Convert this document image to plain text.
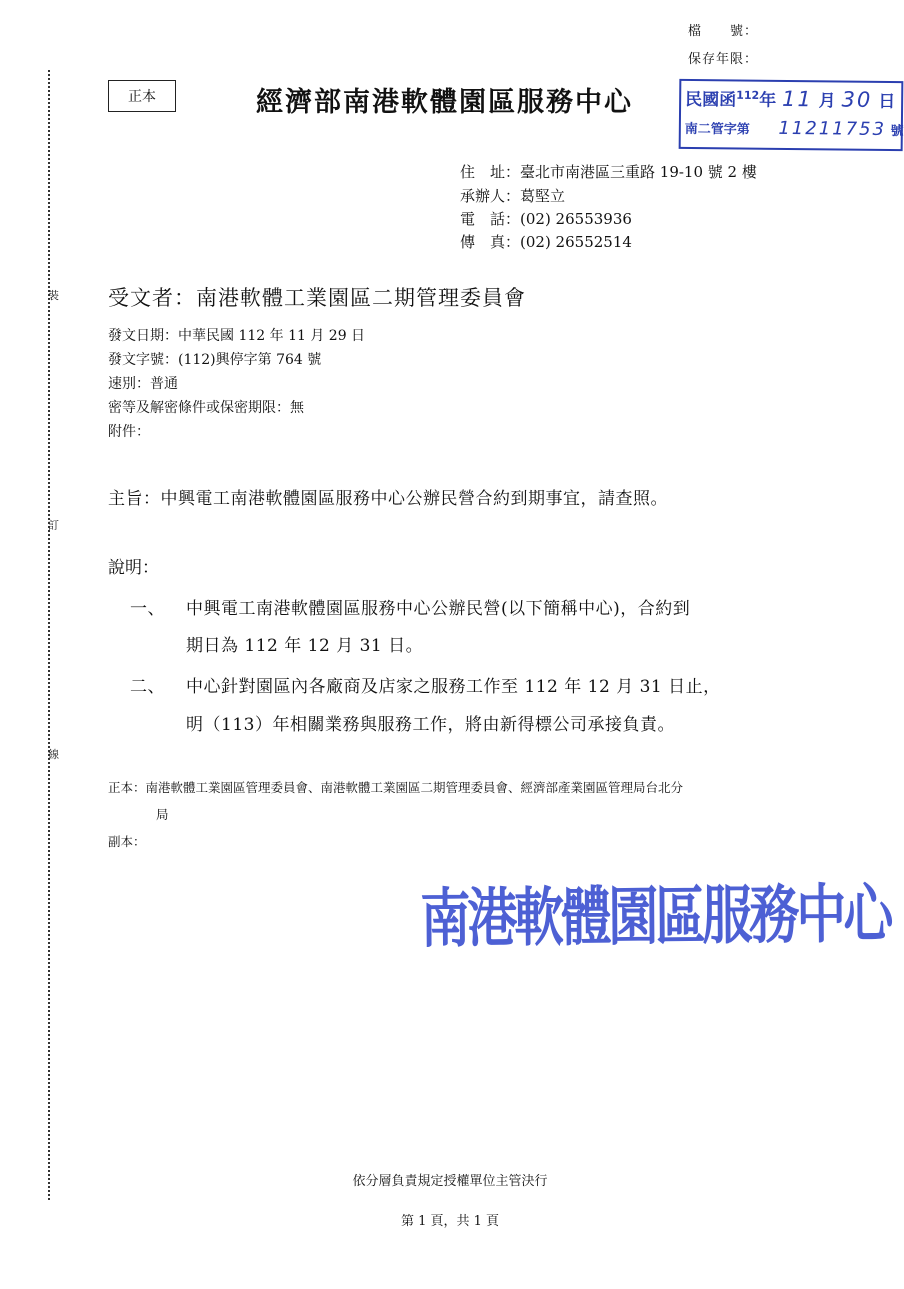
裝
訂
線
檔　　號：
保存年限：
正本	經濟部南港軟體園區服務中心	民國函$^{112}$年 11 月 30 日
南二管字第 11211753 號
住　址：臺北市南港區三重路 19-10 號 2 樓
承辦人：葛堅立
電　話：(02) 26553936
傳　真：(02) 26552514
受文者：南港軟體工業園區二期管理委員會
發文日期：中華民國 112 年 11 月 29 日
發文字號：(112)興停字第 764 號
速別：普通
密等及解密條件或保密期限：無
附件：
主旨：中興電工南港軟體園區服務中心公辦民營合約到期事宜，請查照。
說明：
一、 中興電工南港軟體園區服務中心公辦民營(以下簡稱中心)，合約到
期日為 112 年 12 月 31 日。
二、 中心針對園區內各廠商及店家之服務工作至 112 年 12 月 31 日止，
明（113）年相關業務與服務工作，將由新得標公司承接負責。
正本：南港軟體工業園區管理委員會、南港軟體工業園區二期管理委員會、經濟部產業園區管理局台北分
局
副本：
南港軟體園區服務中心
依分層負責規定授權單位主管決行
第 1 頁，共 1 頁
